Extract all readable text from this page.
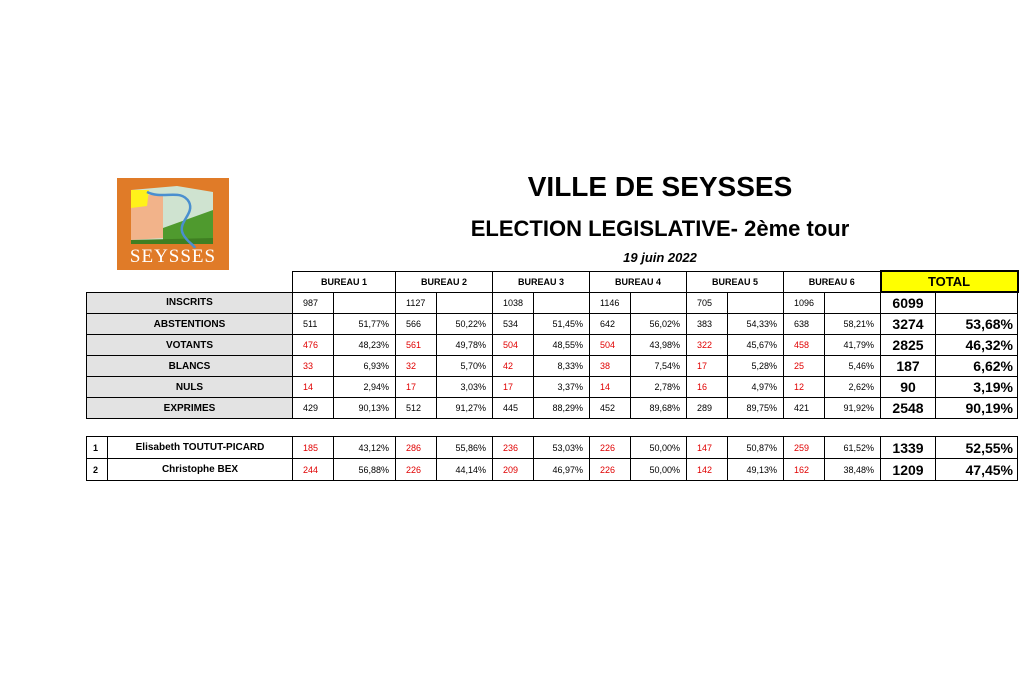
SEYSSES
VILLE DE SEYSSES
ELECTION LEGISLATIVE- 2ème tour
19 juin 2022
	BUREAU 1		BUREAU 2		BUREAU 3		BUREAU 4		BUREAU 5		BUREAU 6		TOTAL	
INSCRITS	987		1127		1038		1146		705		1096		6099	
ABSTENTIONS	511	51,77%	566	50,22%	534	51,45%	642	56,02%	383	54,33%	638	58,21%	3274	53,68%
VOTANTS	476	48,23%	561	49,78%	504	48,55%	504	43,98%	322	45,67%	458	41,79%	2825	46,32%
BLANCS	33	6,93%	32	5,70%	42	8,33%	38	7,54%	17	5,28%	25	5,46%	187	6,62%
NULS	14	2,94%	17	3,03%	17	3,37%	14	2,78%	16	4,97%	12	2,62%	90	3,19%
EXPRIMES	429	90,13%	512	91,27%	445	88,29%	452	89,68%	289	89,75%	421	91,92%	2548	90,19%
1	Elisabeth TOUTUT-PICARD	185	43,12%	286	55,86%	236	53,03%	226	50,00%	147	50,87%	259	61,52%	1339	52,55%
2	Christophe BEX	244	56,88%	226	44,14%	209	46,97%	226	50,00%	142	49,13%	162	38,48%	1209	47,45%
